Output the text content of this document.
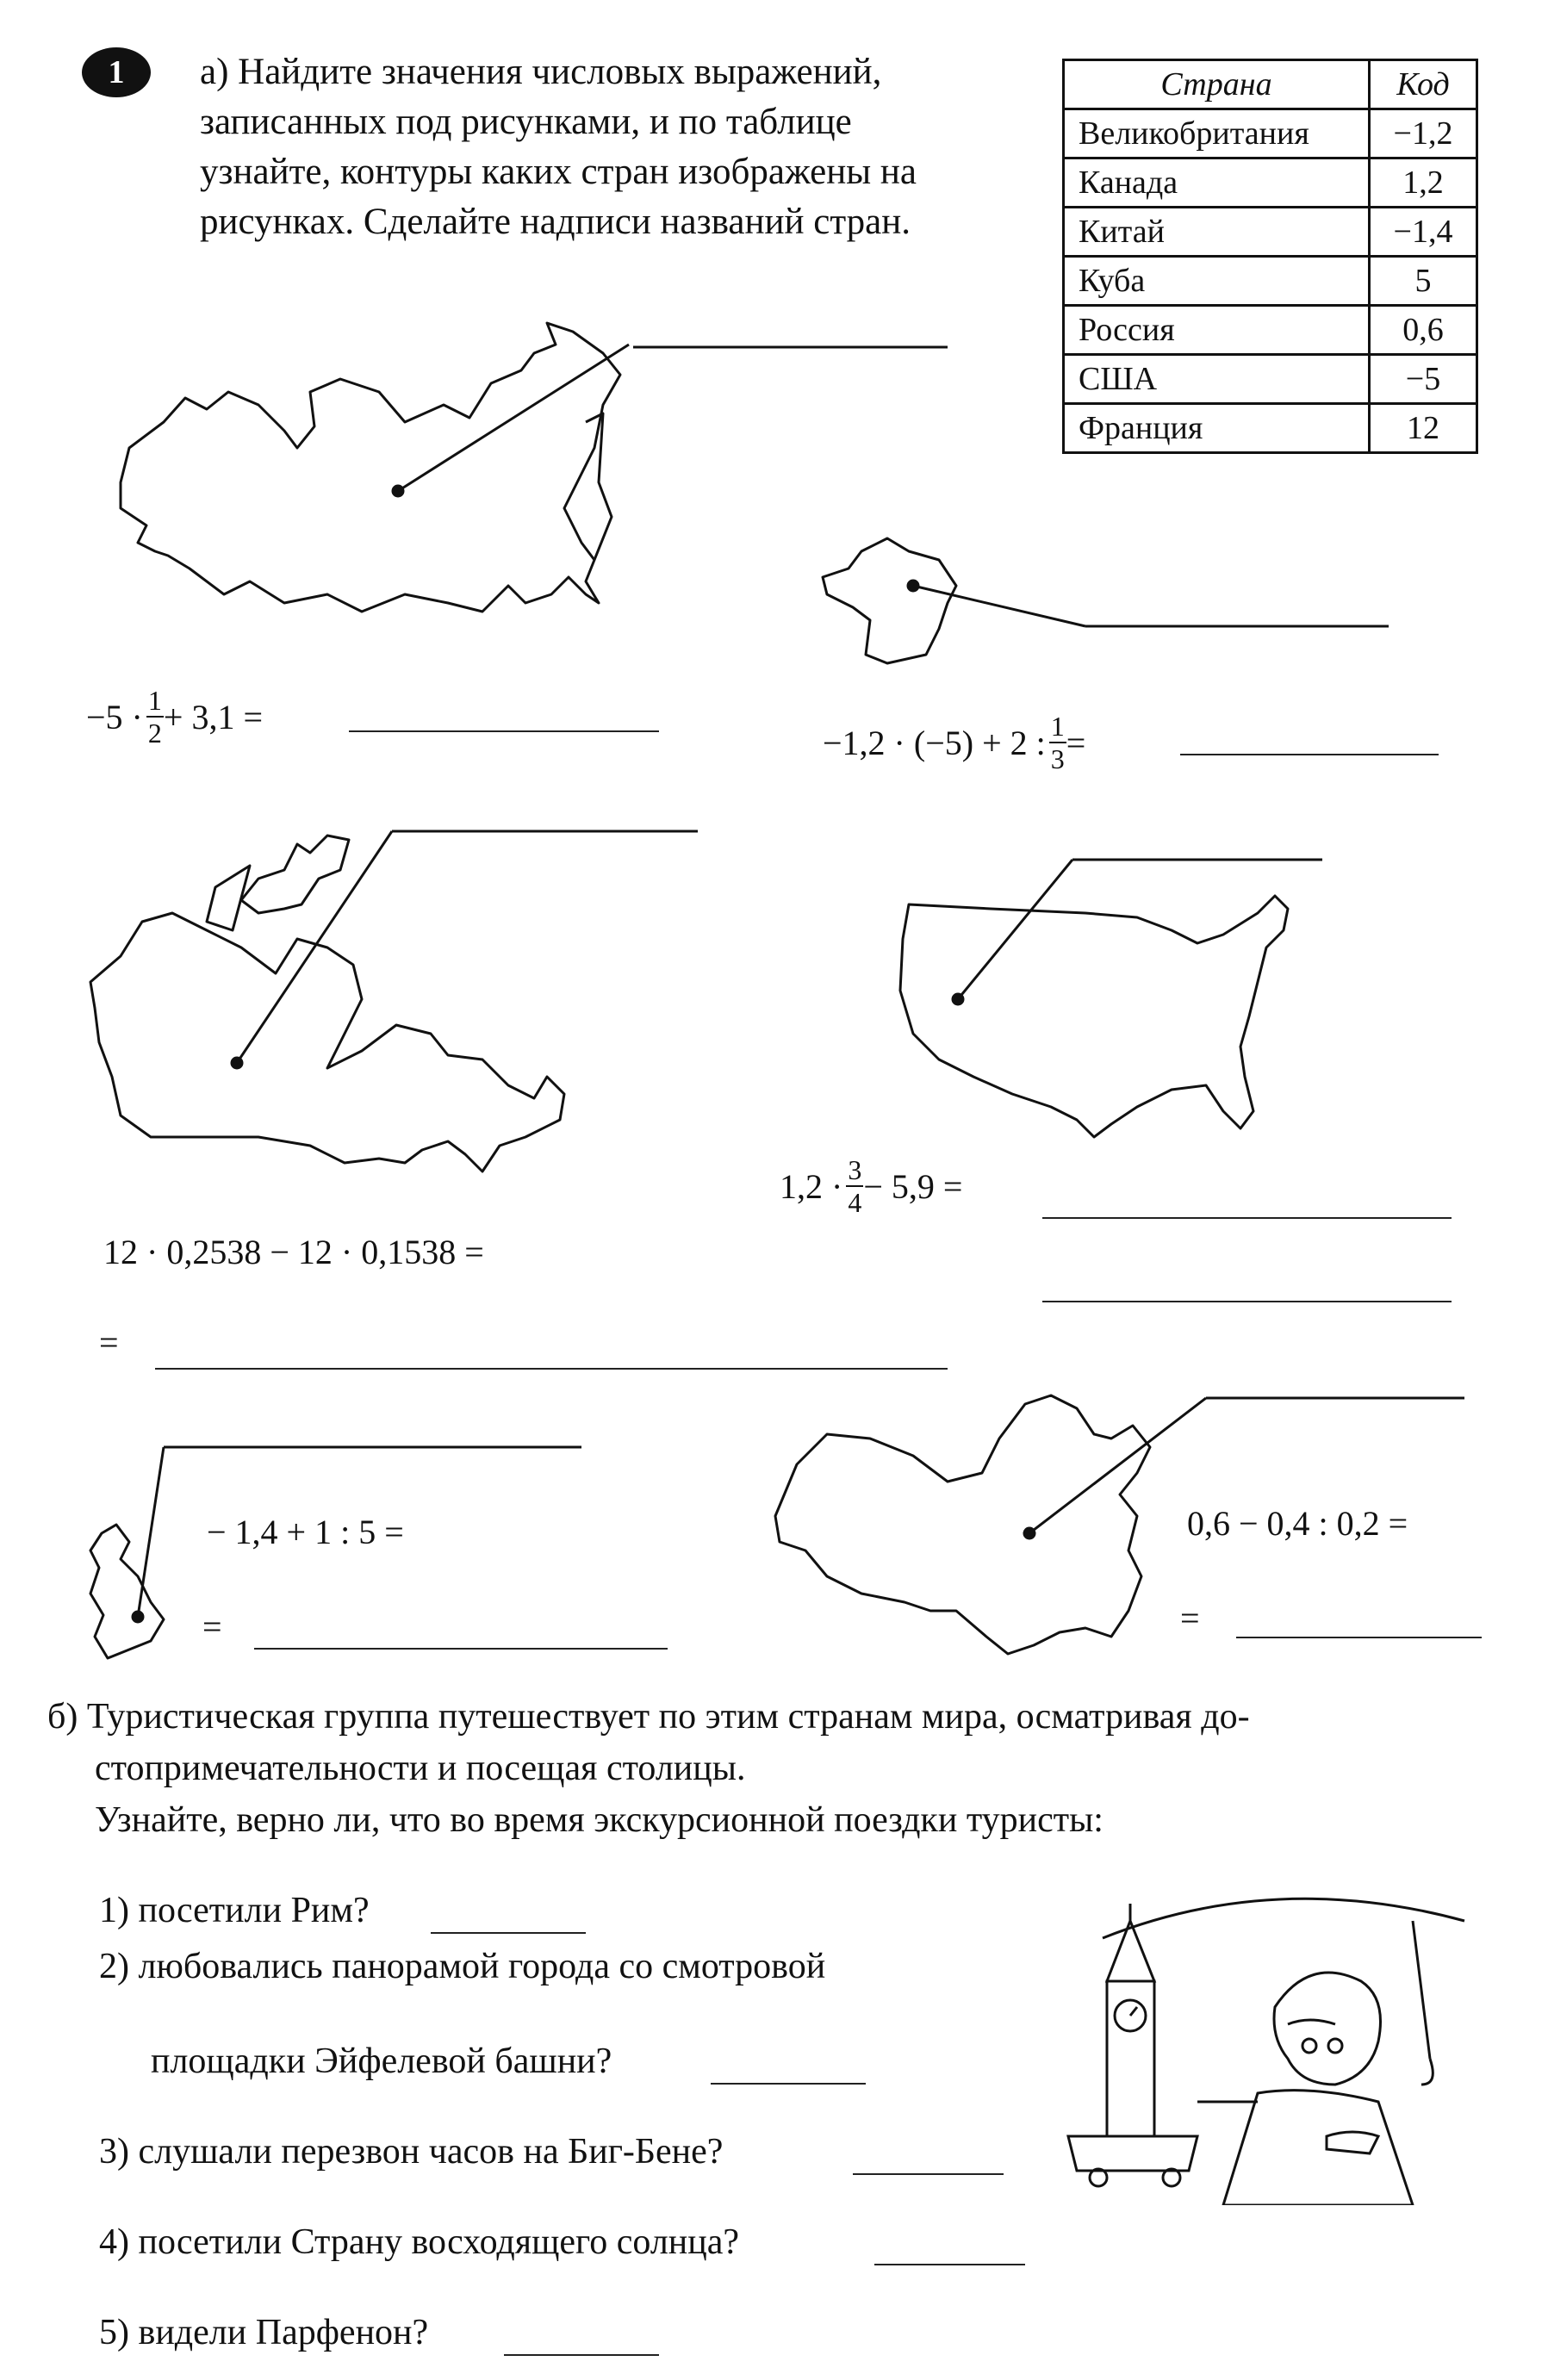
1	а) Найдите значения числовых выражений,
записанных под рисунками, и по таблице
узнайте, контуры каких стран изображены на
рисунках. Сделайте надписи названий стран.
Страна	Код
Великобритания	−1,2
Канада	1,2
Китай	−1,4
Куба	5
Россия	0,6
США	−5
Франция	12
$-5 \cdot \frac{1}{2} + 3,1$ =
−1,2 · (−5) + 2 : $\frac{1}{3}$ =
12 · 0,2538 − 12 · 0,1538 =
=
$1,2 \cdot \frac{3}{4} - 5,9$ =
− 1,4 + 1 : 5 =
=
0,6 − 0,4 : 0,2 =
=
б) Туристическая группа путешествует по этим странам мира, осматривая до-
стопримечательности и посещая столицы.
Узнайте, верно ли, что во время экскурсионной поездки туристы:
1) посетили Рим?
2) любовались панорамой города со смотровой
площадки Эйфелевой башни?
3) слушали перезвон часов на Биг-Бене?
4) посетили Страну восходящего солнца?
5) видели Парфенон?
